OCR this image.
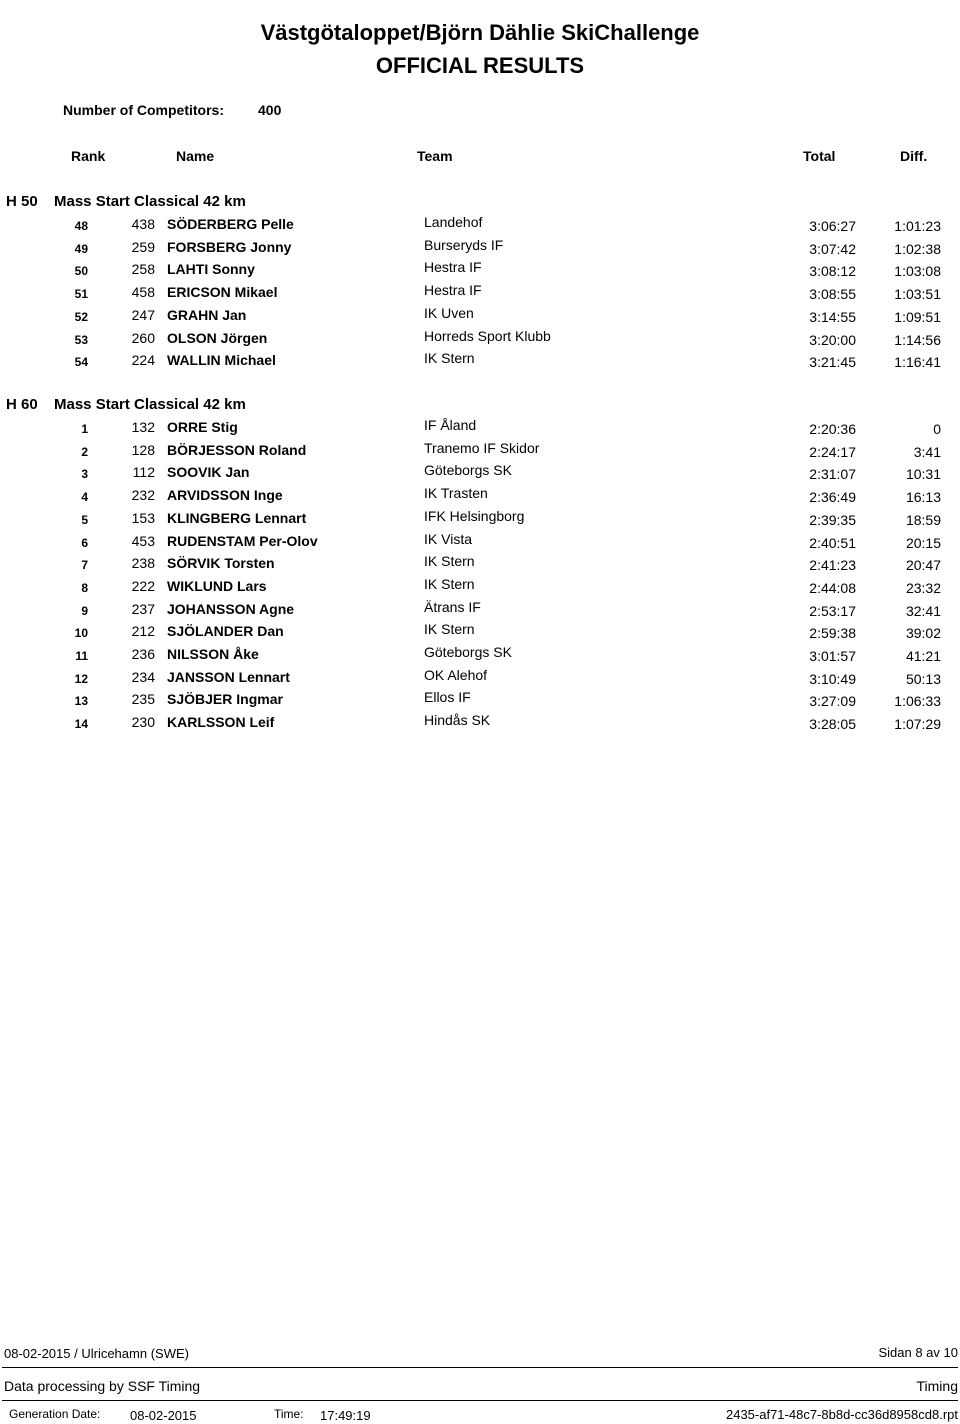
Västgötaloppet/Björn Dählie SkiChallenge
OFFICIAL RESULTS
Number of Competitors: 400
Rank	Name	Team	Total	Diff.
H 50 Mass Start Classical 42 km
48	438 SÖDERBERG Pelle	Landehof	3:06:27	1:01:23
49	259 FORSBERG Jonny	Burseryds IF	3:07:42	1:02:38
50	258 LAHTI Sonny	Hestra IF	3:08:12	1:03:08
51	458 ERICSON Mikael	Hestra IF	3:08:55	1:03:51
52	247 GRAHN Jan	IK Uven	3:14:55	1:09:51
53	260 OLSON Jörgen	Horreds Sport Klubb	3:20:00	1:14:56
54	224 WALLIN Michael	IK Stern	3:21:45	1:16:41
H 60 Mass Start Classical 42 km
1	132 ORRE Stig	IF Åland	2:20:36	0
2	128 BÖRJESSON Roland	Tranemo IF Skidor	2:24:17	3:41
3	112 SOOVIK Jan	Göteborgs SK	2:31:07	10:31
4	232 ARVIDSSON Inge	IK Trasten	2:36:49	16:13
5	153 KLINGBERG Lennart	IFK Helsingborg	2:39:35	18:59
6	453 RUDENSTAM Per-Olov	IK Vista	2:40:51	20:15
7	238 SÖRVIK Torsten	IK Stern	2:41:23	20:47
8	222 WIKLUND Lars	IK Stern	2:44:08	23:32
9	237 JOHANSSON Agne	Ätrans IF	2:53:17	32:41
10	212 SJÖLANDER Dan	IK Stern	2:59:38	39:02
11	236 NILSSON Åke	Göteborgs SK	3:01:57	41:21
12	234 JANSSON Lennart	OK Alehof	3:10:49	50:13
13	235 SJÖBJER Ingmar	Ellos IF	3:27:09	1:06:33
14	230 KARLSSON Leif	Hindås SK	3:28:05	1:07:29
08-02-2015 / Ulricehamn (SWE)	Sidan 8 av 10
Data processing by SSF Timing	Timing
Generation Date: 08-02-2015	Time: 17:49:19	2435-af71-48c7-8b8d-cc36d8958cd8.rpt
